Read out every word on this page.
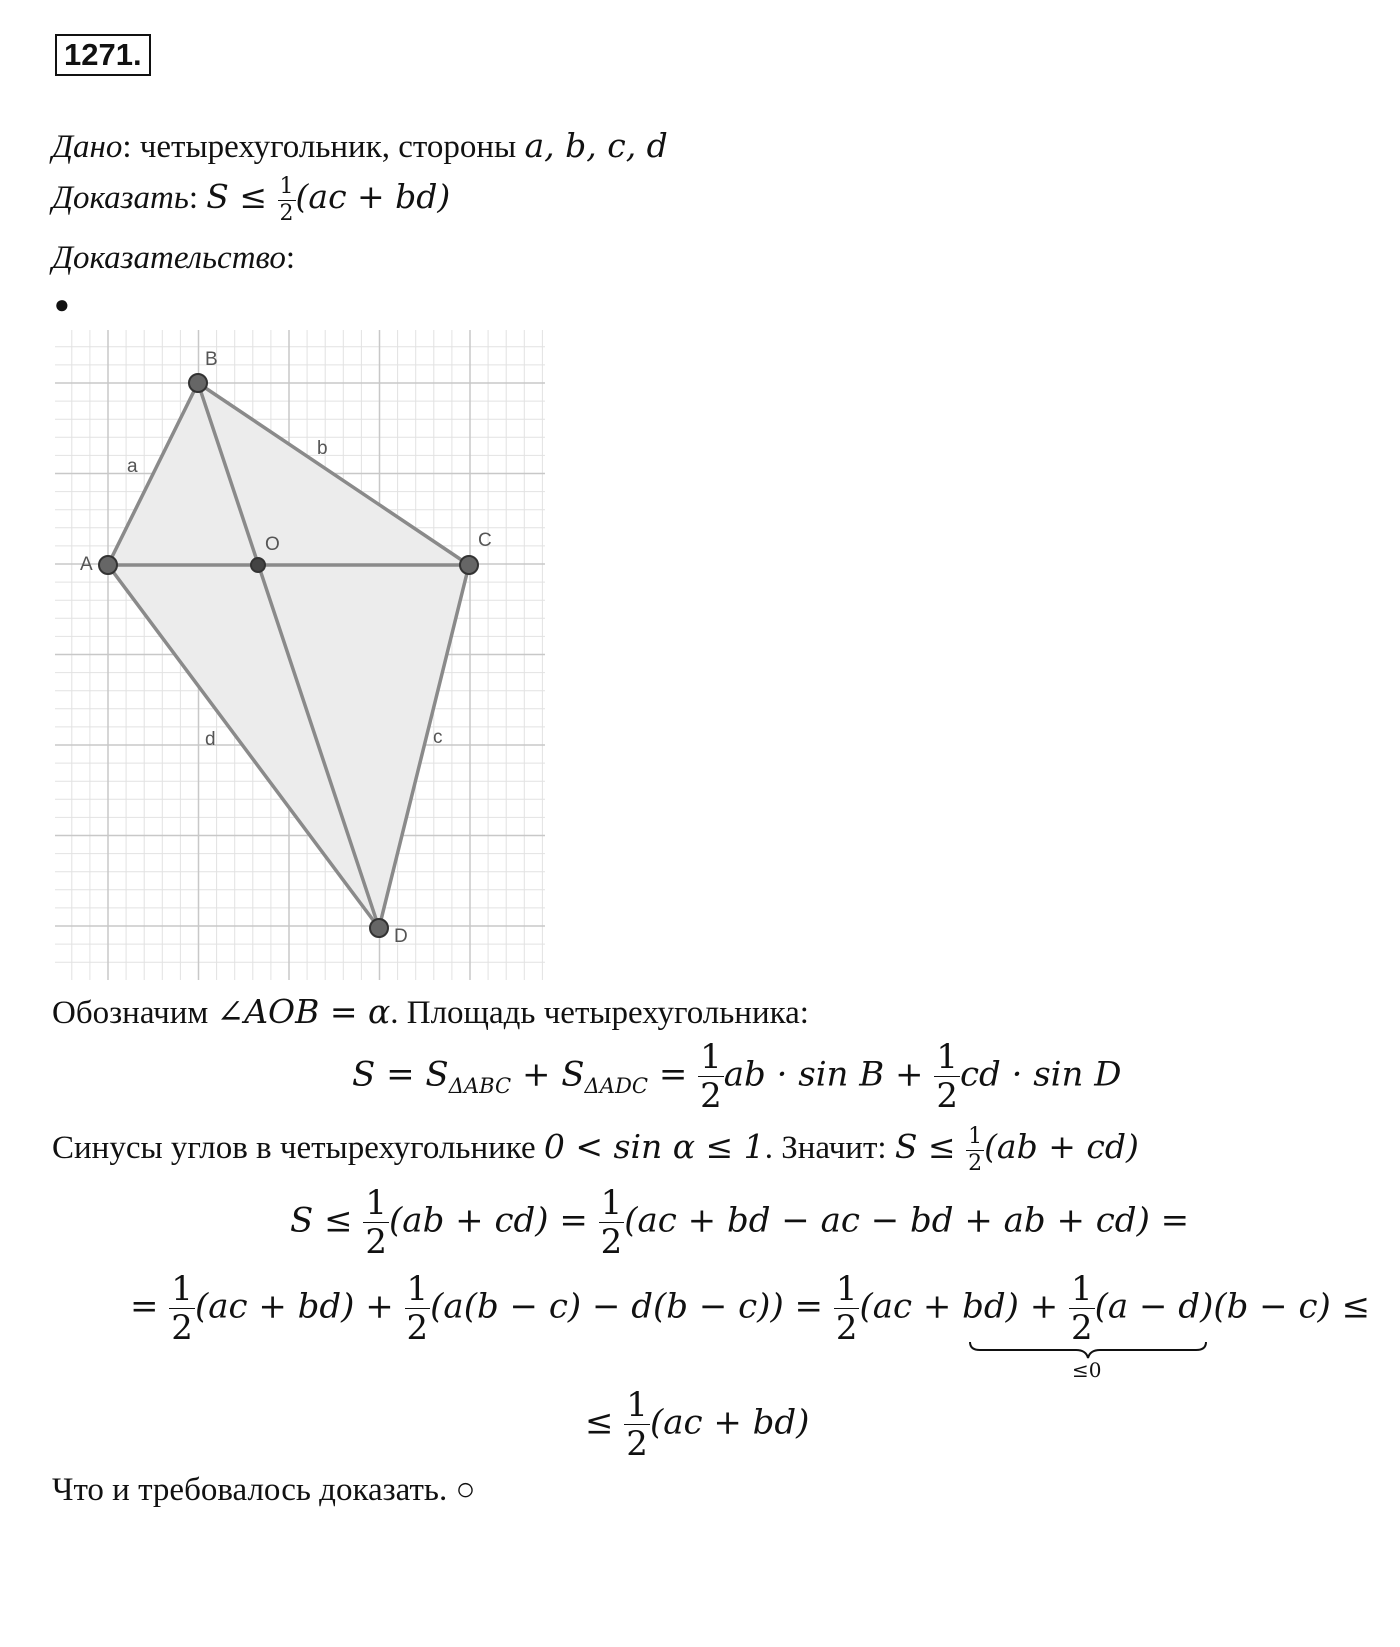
1271.
Дано: четырехугольник, стороны a, b, c, d
Доказать: $S \le \frac{1}{2} (ac + bd)$
Доказательство:
●
A
B
C
D
O
a
b
c
d
Обозначим ∠AOB = α. Площадь четырехугольника:
$S = S_{\Delta ABC} + S_{\Delta ADC} = \frac{1}{2}$ ab · $\sin B + \frac{1}{2}$ cd · sin D
Синусы углов в четырехугольнике 0 < sin α ≤ 1. Значит: $S \le \frac{1}{2} (ab + cd)$
$S \le \frac{1}{2} (ab + cd) = \frac{1}{2} (ac$ + bd − ac − bd + ab + cd) =
= $\frac{1}{2} (ac + bd) + \frac{1}{2} (a(b - c) - d(b - c)) = \frac{1}{2} (ac + bd) + \frac{1}{2} (a - d)(b - c)$ ≤
≤0
≤ $\frac{1}{2} (ac + bd)$
Что и требовалось доказать. ○
